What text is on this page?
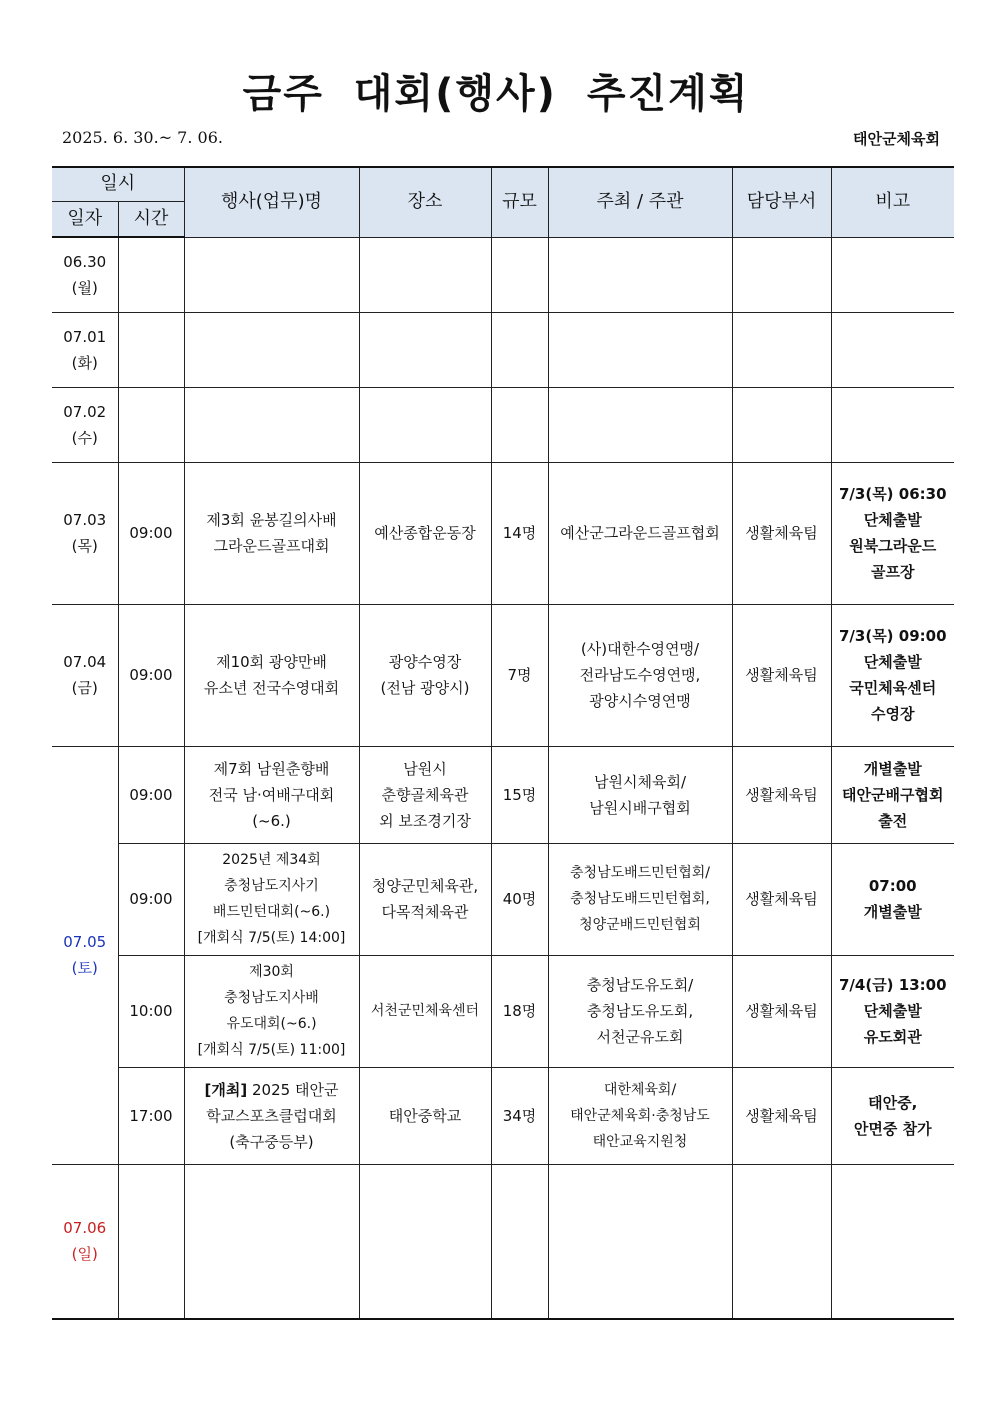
금주 대회(행사) 추진계획
2025. 6. 30.~ 7. 06.	태안군체육회
일시		행사(업무)명	장소	규모	주최 / 주관	담당부서	비고
일자	시간						

06.30
(월)							

07.01
(화)							

07.02
(수)							

07.03
(목)	09:00	제3회 윤봉길의사배
그라운드골프대회	예산종합운동장	14명	예산군그라운드골프협회	생활체육팀	7/3(목) 06:30
단체출발
원북그라운드
골프장

07.04
(금)	09:00	제10회 광양만배
유소년 전국수영대회	광양수영장
(전남 광양시)	7명	(사)대한수영연맹/
전라남도수영연맹,
광양시수영연맹	생활체육팀	7/3(목) 09:00
단체출발
국민체육센터
수영장

07.05
(토)	09:00	제7회 남원춘향배
전국 남·여배구대회
(~6.)	남원시
춘향골체육관
외 보조경기장	15명	남원시체육회/
남원시배구협회	생활체육팀	개별출발
태안군배구협회
출전

	09:00	2025년 제34회
충청남도지사기
배드민턴대회(~6.)
[개회식 7/5(토) 14:00]	청양군민체육관,
다목적체육관	40명	충청남도배드민턴협회/
충청남도배드민턴협회,
청양군배드민턴협회	생활체육팀	07:00
개별출발

	10:00	제30회
충청남도지사배
유도대회(~6.)
[개회식 7/5(토) 11:00]	서천군민체육센터	18명	충청남도유도회/
충청남도유도회,
서천군유도회	생활체육팀	7/4(금) 13:00
단체출발
유도회관

	17:00	[개최] 2025 태안군
학교스포츠클럽대회
(축구중등부)	태안중학교	34명	대한체육회/
태안군체육회·충청남도
태안교육지원청	생활체육팀	태안중,
안면중 참가

07.06
(일)							
